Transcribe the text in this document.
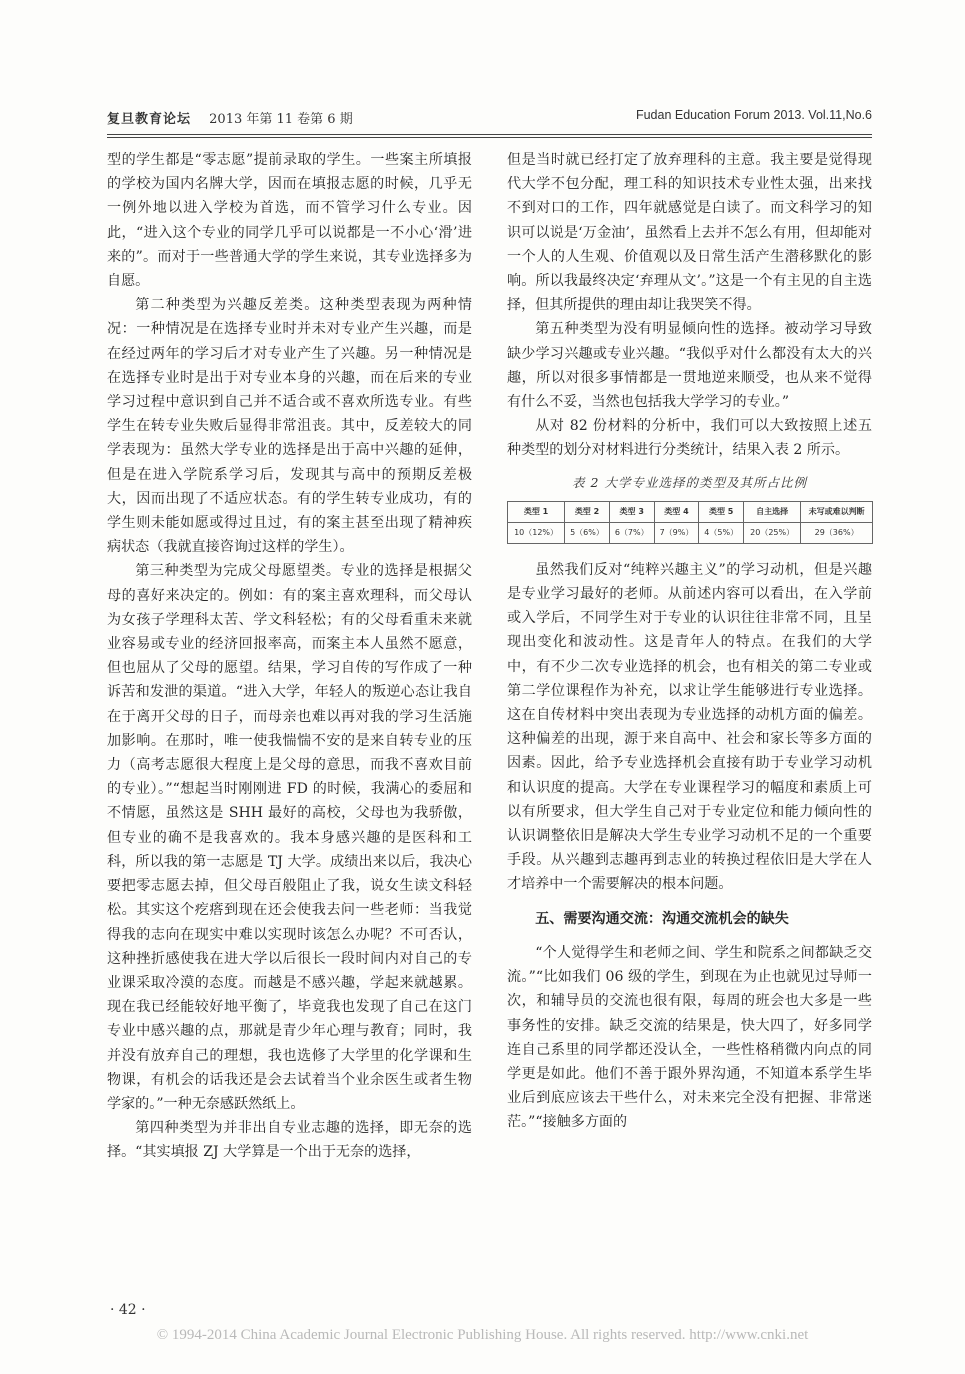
复旦教育论坛 2013 年第 11 卷第 6 期	Fudan Education Forum 2013. Vol.11,No.6

型的学生都是“零志愿”提前录取的学生。一些案主所填报的学校为国内名牌大学，因而在填报志愿的时候，几乎无一例外地以进入学校为首选，而不管学习什么专业。因此，“进入这个专业的同学几乎可以说都是一不小心‘滑’进来的”。而对于一些普通大学的学生来说，其专业选择多为自愿。

第二种类型为兴趣反差类。这种类型表现为两种情况：一种情况是在选择专业时并未对专业产生兴趣，而是在经过两年的学习后才对专业产生了兴趣。另一种情况是在选择专业时是出于对专业本身的兴趣，而在后来的专业学习过程中意识到自己并不适合或不喜欢所选专业。有些学生在转专业失败后显得非常沮丧。其中，反差较大的同学表现为：虽然大学专业的选择是出于高中兴趣的延伸，但是在进入学院系学习后，发现其与高中的预期反差极大，因而出现了不适应状态。有的学生转专业成功，有的学生则未能如愿或得过且过，有的案主甚至出现了精神疾病状态（我就直接咨询过这样的学生）。

第三种类型为完成父母愿望类。专业的选择是根据父母的喜好来决定的。例如：有的案主喜欢理科，而父母认为女孩子学理科太苦、学文科轻松；有的父母看重未来就业容易或专业的经济回报率高，而案主本人虽然不愿意，但也屈从了父母的愿望。结果，学习自传的写作成了一种诉苦和发泄的渠道。“进入大学，年轻人的叛逆心态让我自在于离开父母的日子，而母亲也难以再对我的学习生活施加影响。在那时，唯一使我惴惴不安的是来自转专业的压力（高考志愿很大程度上是父母的意思，而我不喜欢目前的专业）。”“想起当时刚刚进 FD 的时候，我满心的委屈和不情愿，虽然这是 SHH 最好的高校，父母也为我骄傲，但专业的确不是我喜欢的。我本身感兴趣的是医科和工科，所以我的第一志愿是 TJ 大学。成绩出来以后，我决心要把零志愿去掉，但父母百般阻止了我，说女生读文科轻松。其实这个疙瘩到现在还会使我去问一些老师：当我觉得我的志向在现实中难以实现时该怎么办呢？不可否认，这种挫折感使我在进大学以后很长一段时间内对自己的专业课采取冷漠的态度。而越是不感兴趣，学起来就越累。现在我已经能较好地平衡了，毕竟我也发现了自己在这门专业中感兴趣的点，那就是青少年心理与教育；同时，我并没有放弃自己的理想，我也选修了大学里的化学课和生物课，有机会的话我还是会去试着当个业余医生或者生物学家的。”一种无奈感跃然纸上。

第四种类型为并非出自专业志趣的选择，即无奈的选择。“其实填报 ZJ 大学算是一个出于无奈的选择，

但是当时就已经打定了放弃理科的主意。我主要是觉得现代大学不包分配，理工科的知识技术专业性太强，出来找不到对口的工作，四年就感觉是白读了。而文科学习的知识可以说是‘万金油’，虽然看上去并不怎么有用，但却能对一个人的人生观、价值观以及日常生活产生潜移默化的影响。所以我最终决定‘弃理从文’。”这是一个有主见的自主选择，但其所提供的理由却让我哭笑不得。

第五种类型为没有明显倾向性的选择。被动学习导致缺少学习兴趣或专业兴趣。“我似乎对什么都没有太大的兴趣，所以对很多事情都是一贯地逆来顺受，也从来不觉得有什么不妥，当然也包括我大学学习的专业。”

从对 82 份材料的分析中，我们可以大致按照上述五种类型的划分对材料进行分类统计，结果入表 2 所示。

表 2 大学专业选择的类型及其所占比例
类型 1	类型 2	类型 3	类型 4	类型 5	自主选择	未写或难以判断
10（12%）	5（6%）	6（7%）	7（9%）	4（5%）	20（25%）	29（36%）

虽然我们反对“纯粹兴趣主义”的学习动机，但是兴趣是专业学习最好的老师。从前述内容可以看出，在入学前或入学后，不同学生对于专业的认识往往非常不同，且呈现出变化和波动性。这是青年人的特点。在我们的大学中，有不少二次专业选择的机会，也有相关的第二专业或第二学位课程作为补充，以求让学生能够进行专业选择。这在自传材料中突出表现为专业选择的动机方面的偏差。这种偏差的出现，源于来自高中、社会和家长等多方面的因素。因此，给予专业选择机会直接有助于专业学习动机和认识度的提高。大学在专业课程学习的幅度和素质上可以有所要求，但大学生自己对于专业定位和能力倾向性的认识调整依旧是解决大学生专业学习动机不足的一个重要手段。从兴趣到志趣再到志业的转换过程依旧是大学在人才培养中一个需要解决的根本问题。

五、需要沟通交流：沟通交流机会的缺失

“个人觉得学生和老师之间、学生和院系之间都缺乏交流。”“比如我们 06 级的学生，到现在为止也就见过导师一次，和辅导员的交流也很有限，每周的班会也大多是一些事务性的安排。缺乏交流的结果是，快大四了，好多同学连自己系里的同学都还没认全，一些性格稍微内向点的同学更是如此。他们不善于跟外界沟通，不知道本系学生毕业后到底应该去干些什么，对未来完全没有把握、非常迷茫。”“接触多方面的

· 42 ·
© 1994-2014 China Academic Journal Electronic Publishing House. All rights reserved. http://www.cnki.net
